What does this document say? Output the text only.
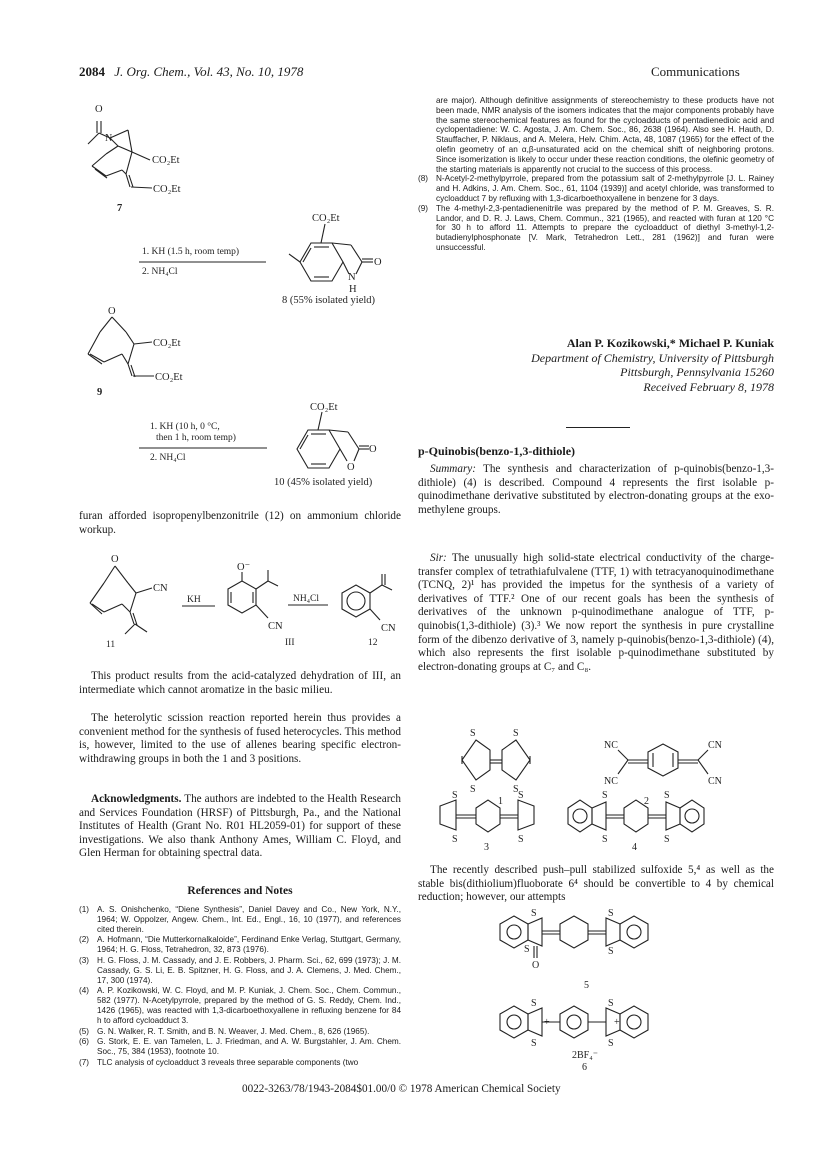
2084 J. Org. Chem., Vol. 43, No. 10, 1978	Communications
O
N
CO₂Et
CO₂Et
7
CO₂Et
1. KH (1.5 h, room temp)
2. NH₄Cl
O
N
H
8 (55% isolated yield)
O
CO₂Et
CO₂Et
9
CO₂Et
1. KH (10 h, 0 °C,
then 1 h, room temp)
2. NH₄Cl
O
O
10 (45% isolated yield)
furan afforded isopropenylbenzonitrile (12) on ammonium chloride workup.
O
CN
11
KH
O⁻
CN
III
NH₄Cl
CN
12
This product results from the acid-catalyzed dehydration of III, an intermediate which cannot aromatize in the basic milieu.
The heterolytic scission reaction reported herein thus provides a convenient method for the synthesis of fused heterocycles. This method is, however, limited to the use of allenes bearing specific electron-withdrawing groups in both the 1 and 3 positions.
Acknowledgments. The authors are indebted to the Health Research and Services Foundation (HRSF) of Pittsburgh, Pa., and the National Institutes of Health (Grant No. R01 HL2059-01) for support of these investigations. We also thank Anthony Ames, William C. Floyd, and Glen Herman for obtaining spectral data.
References and Notes
(1) A. S. Onishchenko, “Diene Synthesis”, Daniel Davey and Co., New York, N.Y., 1964; W. Oppolzer, Angew. Chem., Int. Ed., Engl., 16, 10 (1977), and references cited therein.
(2) A. Hofmann, “Die Mutterkornalkaloide”, Ferdinand Enke Verlag, Stuttgart, Germany, 1964; H. G. Floss, Tetrahedron, 32, 873 (1976).
(3) H. G. Floss, J. M. Cassady, and J. E. Robbers, J. Pharm. Sci., 62, 699 (1973); J. M. Cassady, G. S. Li, E. B. Spitzner, H. G. Floss, and J. A. Clemens, J. Med. Chem., 17, 300 (1974).
(4) A. P. Kozikowski, W. C. Floyd, and M. P. Kuniak, J. Chem. Soc., Chem. Commun., 582 (1977). N-Acetylpyrrole, prepared by the method of G. S. Reddy, Chem. Ind., 1426 (1965), was reacted with 1,3-dicarboethoxyallene in refluxing benzene for 84 h to afford cycloadduct 3.
(5) G. N. Walker, R. T. Smith, and B. N. Weaver, J. Med. Chem., 8, 626 (1965).
(6) G. Stork, E. E. van Tamelen, L. J. Friedman, and A. W. Burgstahler, J. Am. Chem. Soc., 75, 384 (1953), footnote 10.
(7) TLC analysis of cycloadduct 3 reveals three separable components (two
are major). Although definitive assignments of stereochemistry to these products have not been made, NMR analysis of the isomers indicates that the major components probably have the same stereochemical features as found for the cycloadducts of pentadienedioic acid and cyclopentadiene: W. C. Agosta, J. Am. Chem. Soc., 86, 2638 (1964). Also see H. Hauth, D. Stauffacher, P. Niklaus, and A. Melera, Helv. Chim. Acta, 48, 1087 (1965) for the effect of the olefin geometry of an α,β-unsaturated acid on the chemical shift of neighboring protons. Since isomerization is likely to occur under these reaction conditions, the olefinic geometry of the starting materials is apparently not crucial to the success of this process.
(8) N-Acetyl-2-methylpyrrole, prepared from the potassium salt of 2-methylpyrrole [J. L. Rainey and H. Adkins, J. Am. Chem. Soc., 61, 1104 (1939)] and acetyl chloride, was transformed to cycloadduct 7 by refluxing with 1,3-dicarboethoxyallene in benzene for 3 days.
(9) The 4-methyl-2,3-pentadienenitrile was prepared by the method of P. M. Greaves, S. R. Landor, and D. R. J. Laws, Chem. Commun., 321 (1965), and reacted with furan at 120 °C for 30 h to afford 11. Attempts to prepare the cycloadduct of diethyl 3-methyl-1,2-butadienylphosphonate [V. Mark, Tetrahedron Lett., 281 (1962)] and furan were unsuccessful.
Alan P. Kozikowski,* Michael P. Kuniak
Department of Chemistry, University of Pittsburgh
Pittsburgh, Pennsylvania 15260
Received February 8, 1978
p-Quinobis(benzo-1,3-dithiole)
Summary: The synthesis and characterization of p-quinobis(benzo-1,3-dithiole) (4) is described. Compound 4 represents the first isolable p-quinodimethane derivative substituted by electron-donating groups at the exo-methylene groups.
Sir: The unusually high solid-state electrical conductivity of the charge-transfer complex of tetrathiafulvalene (TTF, 1) with tetracyanoquinodimethane (TCNQ, 2)¹ has provided the impetus for the synthesis of a variety of derivatives of TTF.² One of our recent goals has been the synthesis of derivatives of the unknown p-quinodimethane analogue of TTF, p-quinobis(1,3-dithiole) (3).³ We now report the synthesis in pure crystalline form of the dibenzo derivative of 3, namely p-quinobis(benzo-1,3-dithiole) (4), which also represents the first isolable p-quinodimethane substituted by electron-donating groups at C₇ and C₈.
S	S
S	S
1
NC	CN
NC	CN
2
S
S
S
S
3
S
S
S
S
4
The recently described push–pull stabilized sulfoxide 5,⁴ as well as the stable bis(dithiolium)fluoborate 6⁴ should be convertible to 4 by chemical reduction; however, our attempts
S
S
S
S
O
5
S
S
S
S
+	+
2BF₄⁻
6
0022-3263/78/1943-2084$01.00/0 © 1978 American Chemical Society
